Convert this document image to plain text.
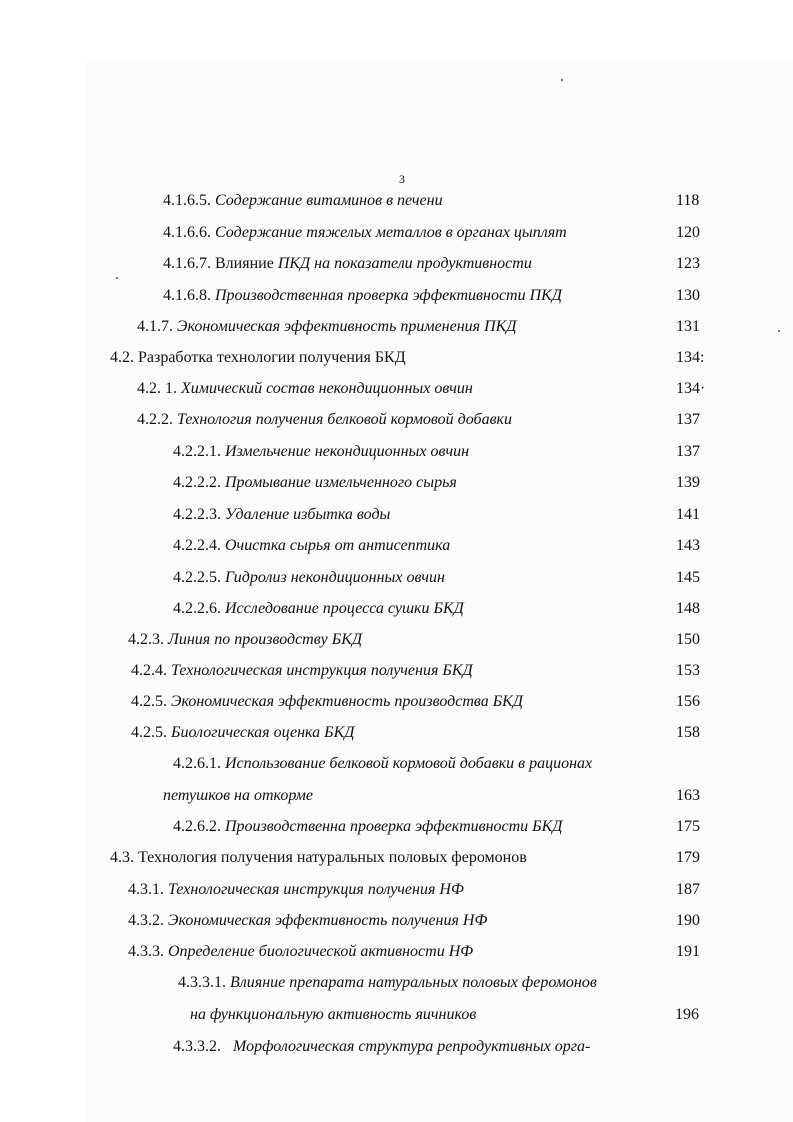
3
4.1.6.5. Содержание витаминов в печени	118
4.1.6.6. Содержание тяжелых металлов в органах цыплят	120
4.1.6.7. Влияние ПКД на показатели продуктивности	123
4.1.6.8. Производственная проверка эффективности ПКД	130
4.1.7. Экономическая эффективность применения ПКД	131
4.2. Разработка технологии получения БКД	134:
4.2. 1. Химический состав некондиционных овчин	134·
4.2.2. Технология получения белковой кормовой добавки	137
4.2.2.1. Измельчение некондиционных овчин	137
4.2.2.2. Промывание измельченного сырья	139
4.2.2.3. Удаление избытка воды	141
4.2.2.4. Очистка сырья от антисептика	143
4.2.2.5. Гидролиз некондиционных овчин	145
4.2.2.6. Исследование процесса сушки БКД	148
4.2.3. Линия по производству БКД	150
4.2.4. Технологическая инструкция получения БКД	153
4.2.5. Экономическая эффективность производства БКД	156
4.2.5. Биологическая оценка БКД	158
4.2.6.1. Использование белковой кормовой добавки в рационах
петушков на откорме	163
4.2.6.2. Производственна проверка эффективности БКД	175
4.3. Технология получения натуральных половых феромонов	179
4.3.1. Технологическая инструкция получения НФ	187
4.3.2. Экономическая эффективность получения НФ	190
4.3.3. Определение биологической активности НФ	191
4.3.3.1. Влияние препарата натуральных половых феромонов
на функциональную активность яичников	196
4.3.3.2.   Морфологическая структура репродуктивных орга-
